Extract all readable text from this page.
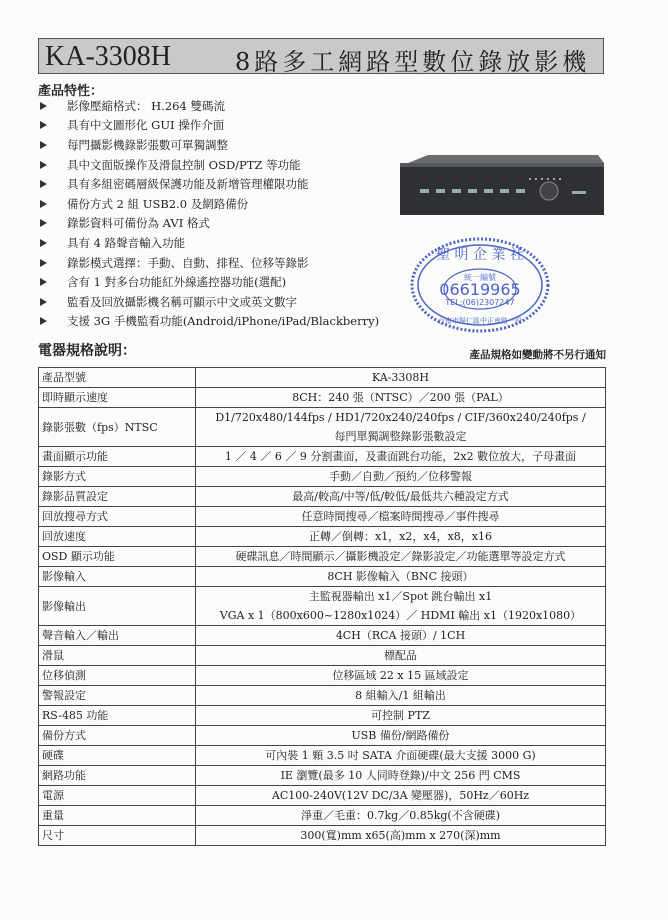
KA-3308H	8路多工網路型數位錄放影機
產品特性：
影像壓縮格式： H.264 雙碼流
具有中文圖形化 GUI 操作介面
每門攝影機錄影張數可單獨調整
具中文面版操作及滑鼠控制 OSD/PTZ 等功能
具有多組密碼層級保護功能及新增管理權限功能
備份方式 2 組 USB2.0 及網路備份
錄影資料可備份為 AVI 格式
具有 4 路聲音輸入功能
錄影模式選擇：手動、自動、排程、位移等錄影
含有 1 對多台功能紅外線遙控器功能(選配)
監看及回放攝影機名稱可顯示中文或英文數字
支援 3G 手機監看功能(Android/iPhone/iPad/Blackberry)
聖 明 企 業 社
統一編號
06619965
TEL:(06)2307247
台南市歸仁區中正南路一段
電器規格說明：	產品規格如變動將不另行通知
產品型號	KA-3308H

即時顯示速度	8CH：240 張（NTSC）／200 張（PAL）

錄影張數（fps）NTSC	D1/720x480/144fps / HD1/720x240/240fps / CIF/360x240/240fps /
每門單獨調整錄影張數設定

畫面顯示功能	1 ／ 4 ／ 6 ／ 9 分割畫面，及畫面跳台功能，2x2 數位放大，子母畫面

錄影方式	手動／自動／預約／位移警報

錄影品質設定	最高/較高/中等/低/較低/最低共六種設定方式

回放搜尋方式	任意時間搜尋／檔案時間搜尋／事件搜尋

回放速度	正轉／倒轉：x1，x2，x4，x8，x16

OSD 顯示功能	硬碟訊息／時間顯示／攝影機設定／錄影設定／功能選單等設定方式

影像輸入	8CH 影像輸入（BNC 接頭）

影像輸出	主監視器輸出 x1／Spot 跳台輸出 x1
VGA x 1（800x600~1280x1024）／ HDMI 輸出 x1（1920x1080）

聲音輸入／輸出	4CH（RCA 接頭）/ 1CH

滑鼠	標配品

位移偵測	位移區域 22 x 15 區域設定

警報設定	8 組輸入/1 組輸出

RS-485 功能	可控制 PTZ

備份方式	USB 備份/網路備份

硬碟	可內裝 1 顆 3.5 吋 SATA 介面硬碟(最大支援 3000 G)

網路功能	IE 瀏覽(最多 10 人同時登錄)/中文 256 門 CMS

電源	AC100-240V(12V DC/3A 變壓器)，50Hz／60Hz

重量	淨重／毛重：0.7kg／0.85kg(不含硬碟)

尺寸	300(寬)mm x65(高)mm x 270(深)mm
